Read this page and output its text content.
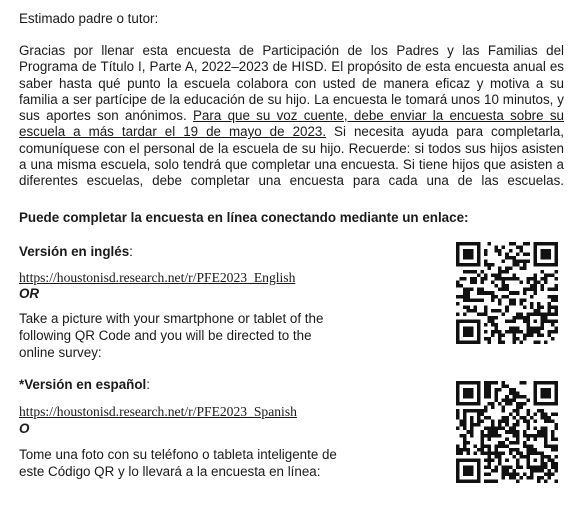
Estimado padre o tutor:

Gracias por llenar esta encuesta de Participación de los Padres y las Familias del Programa de Título I, Parte A, 2022–2023 de HISD. El propósito de esta encuesta anual es saber hasta qué punto la escuela colabora con usted de manera eficaz y motiva a su familia a ser partícipe de la educación de su hijo. La encuesta le tomará unos 10 minutos, y sus aportes son anónimos. Para que su voz cuente, debe enviar la encuesta sobre su escuela a más tardar el 19 de mayo de 2023. Si necesita ayuda para completarla, comuníquese con el personal de la escuela de su hijo. Recuerde: si todos sus hijos asisten a una misma escuela, solo tendrá que completar una encuesta. Si tiene hijos que asisten a diferentes escuelas, debe completar una encuesta para cada una de las escuelas.

Puede completar la encuesta en línea conectando mediante un enlace:
Versión en inglés:
https://houstonisd.research.net/r/PFE2023_English
OR
Take a picture with your smartphone or tablet of the following QR Code and you will be directed to the online survey:
*Versión en español:
https://houstonisd.research.net/r/PFE2023_Spanish
O
Tome una foto con su teléfono o tableta inteligente de este Código QR y lo llevará a la encuesta en línea:
